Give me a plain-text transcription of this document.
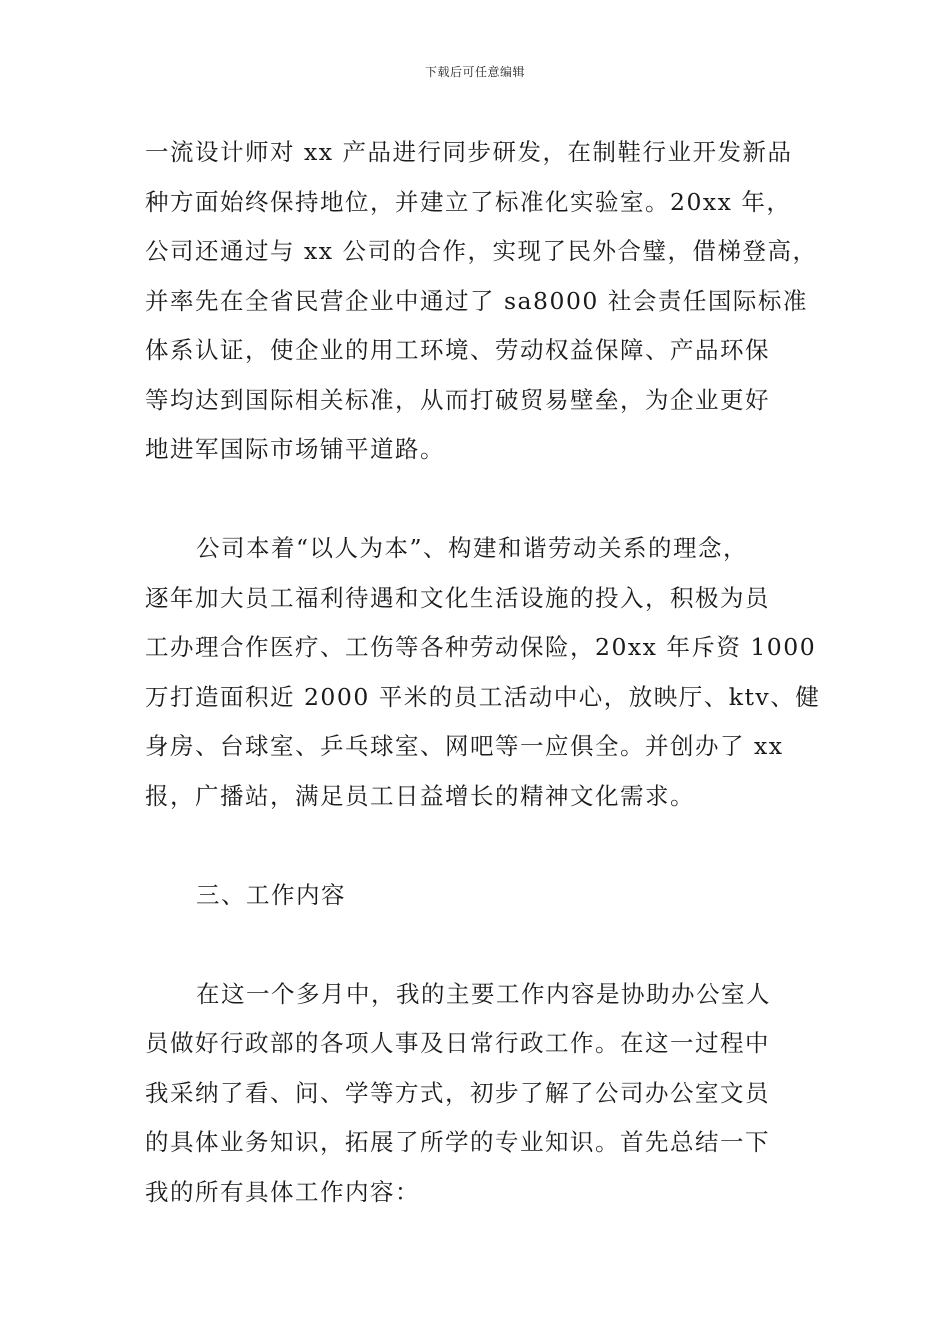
下载后可任意编辑

一流设计师对 xx 产品进行同步研发，在制鞋行业开发新品
种方面始终保持地位，并建立了标准化实验室。20xx 年，
公司还通过与 xx 公司的合作，实现了民外合璧，借梯登高，
并率先在全省民营企业中通过了 sa8000 社会责任国际标准
体系认证，使企业的用工环境、劳动权益保障、产品环保
等均达到国际相关标准，从而打破贸易壁垒，为企业更好
地进军国际市场铺平道路。

公司本着“以人为本”、构建和谐劳动关系的理念，
逐年加大员工福利待遇和文化生活设施的投入，积极为员
工办理合作医疗、工伤等各种劳动保险，20xx 年斥资 1000
万打造面积近 2000 平米的员工活动中心，放映厅、ktv、健
身房、台球室、乒乓球室、网吧等一应俱全。并创办了 xx
报，广播站，满足员工日益增长的精神文化需求。

三、工作内容

在这一个多月中，我的主要工作内容是协助办公室人
员做好行政部的各项人事及日常行政工作。在这一过程中
我采纳了看、问、学等方式，初步了解了公司办公室文员
的具体业务知识，拓展了所学的专业知识。首先总结一下
我的所有具体工作内容：
